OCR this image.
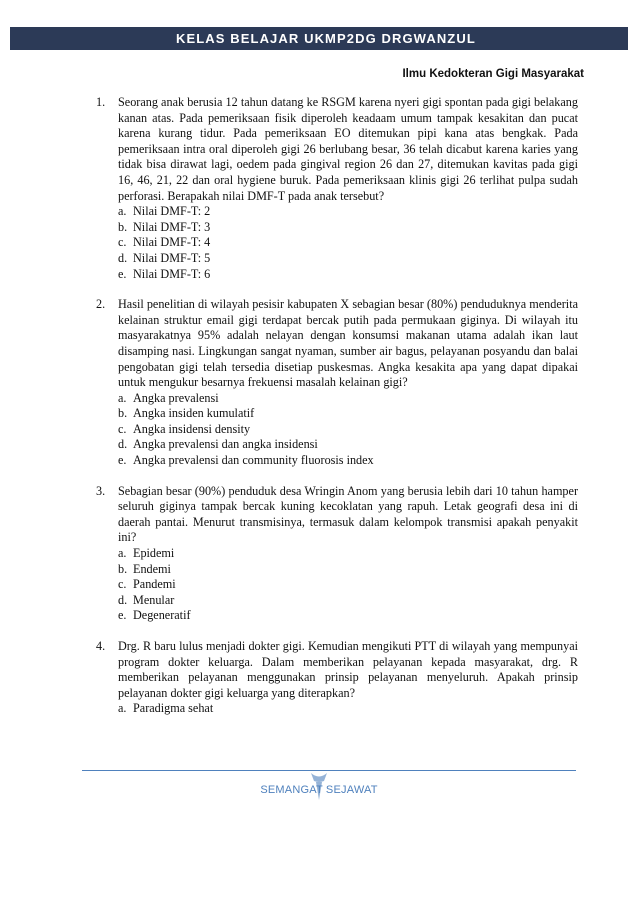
KELAS BELAJAR UKMP2DG DRGWANZUL
Ilmu Kedokteran Gigi Masyarakat
1. Seorang anak berusia 12 tahun datang ke RSGM karena nyeri gigi spontan pada gigi belakang kanan atas. Pada pemeriksaan fisik diperoleh keadaam umum tampak kesakitan dan pucat karena kurang tidur. Pada pemeriksaan EO ditemukan pipi kana atas bengkak. Pada pemeriksaan intra oral diperoleh gigi 26 berlubang besar, 36 telah dicabut karena karies yang tidak bisa dirawat lagi, oedem pada gingival region 26 dan 27, ditemukan kavitas pada gigi 16, 46, 21, 22 dan oral hygiene buruk. Pada pemeriksaan klinis gigi 26 terlihat pulpa sudah perforasi. Berapakah nilai DMF-T pada anak tersebut?
a. Nilai DMF-T: 2
b. Nilai DMF-T: 3
c. Nilai DMF-T: 4
d. Nilai DMF-T: 5
e. Nilai DMF-T: 6
2. Hasil penelitian di wilayah pesisir kabupaten X sebagian besar (80%) penduduknya menderita kelainan struktur email gigi terdapat bercak putih pada permukaan giginya. Di wilayah itu masyarakatnya 95% adalah nelayan dengan konsumsi makanan utama adalah ikan laut disamping nasi. Lingkungan sangat nyaman, sumber air bagus, pelayanan posyandu dan balai pengobatan gigi telah tersedia disetiap puskesmas. Angka kesakita apa yang dapat dipakai untuk mengukur besarnya frekuensi masalah kelainan gigi?
a. Angka prevalensi
b. Angka insiden kumulatif
c. Angka insidensi density
d. Angka prevalensi dan angka insidensi
e. Angka prevalensi dan community fluorosis index
3. Sebagian besar (90%) penduduk desa Wringin Anom yang berusia lebih dari 10 tahun hamper seluruh giginya tampak bercak kuning kecoklatan yang rapuh. Letak geografi desa ini di daerah pantai. Menurut transmisinya, termasuk dalam kelompok transmisi apakah penyakit ini?
a. Epidemi
b. Endemi
c. Pandemi
d. Menular
e. Degeneratif
4. Drg. R baru lulus menjadi dokter gigi. Kemudian mengikuti PTT di wilayah yang mempunyai program dokter keluarga. Dalam memberikan pelayanan kepada masyarakat, drg. R memberikan pelayanan menggunakan prinsip pelayanan menyeluruh. Apakah prinsip pelayanan dokter gigi keluarga yang diterapkan?
a. Paradigma sehat
SEMANGAT SEJAWAT
